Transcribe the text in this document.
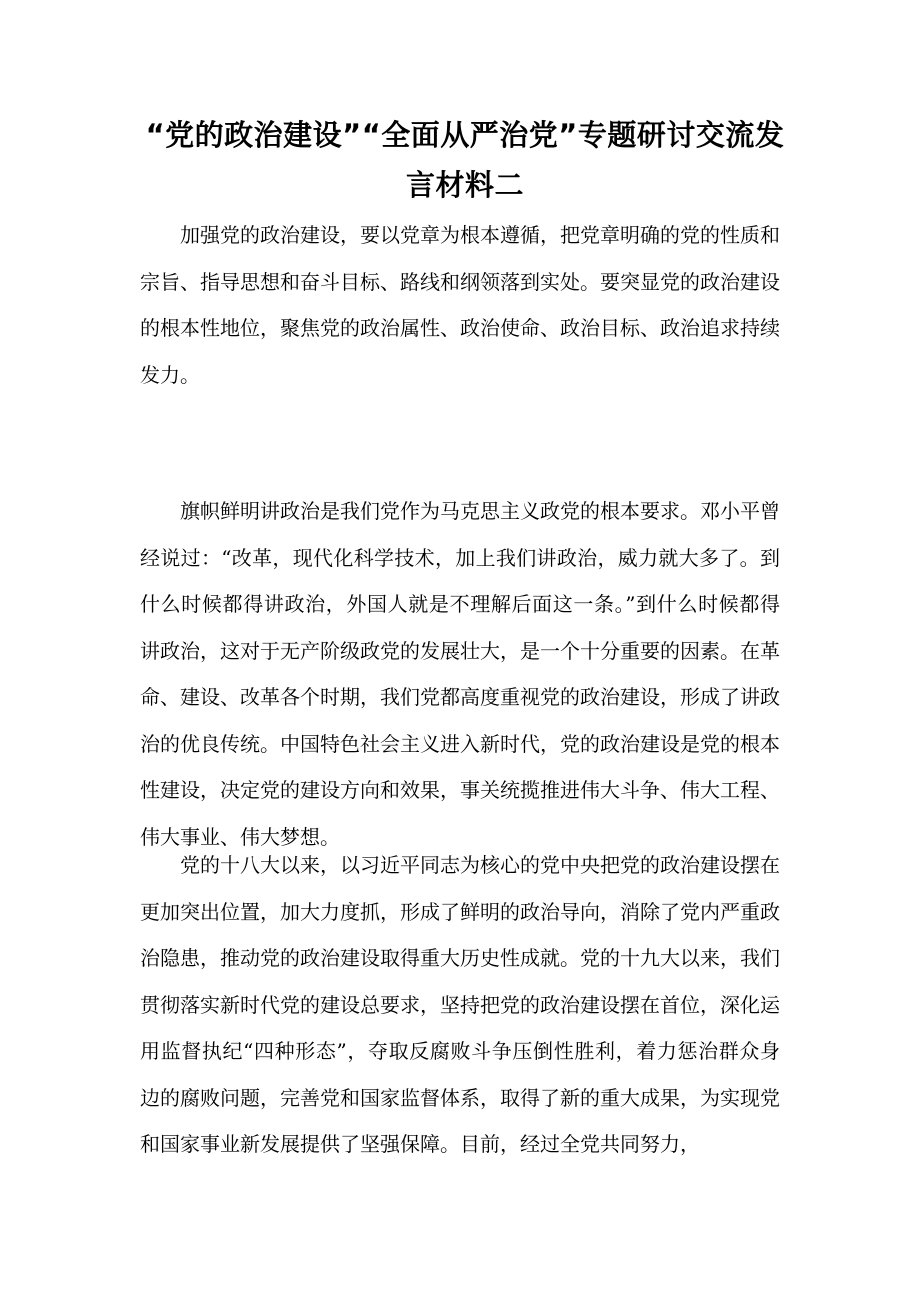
“党的政治建设”“全面从严治党”专题研讨交流发言材料二

加强党的政治建设，要以党章为根本遵循，把党章明确的党的性质和宗旨、指导思想和奋斗目标、路线和纲领落到实处。要突显党的政治建设的根本性地位，聚焦党的政治属性、政治使命、政治目标、政治追求持续发力。

旗帜鲜明讲政治是我们党作为马克思主义政党的根本要求。邓小平曾经说过：“改革，现代化科学技术，加上我们讲政治，威力就大多了。到什么时候都得讲政治，外国人就是不理解后面这一条。”到什么时候都得讲政治，这对于无产阶级政党的发展壮大，是一个十分重要的因素。在革命、建设、改革各个时期，我们党都高度重视党的政治建设，形成了讲政治的优良传统。中国特色社会主义进入新时代，党的政治建设是党的根本性建设，决定党的建设方向和效果，事关统揽推进伟大斗争、伟大工程、伟大事业、伟大梦想。

党的十八大以来，以习近平同志为核心的党中央把党的政治建设摆在更加突出位置，加大力度抓，形成了鲜明的政治导向，消除了党内严重政治隐患，推动党的政治建设取得重大历史性成就。党的十九大以来，我们贯彻落实新时代党的建设总要求，坚持把党的政治建设摆在首位，深化运用监督执纪“四种形态”，夺取反腐败斗争压倒性胜利，着力惩治群众身边的腐败问题，完善党和国家监督体系，取得了新的重大成果，为实现党和国家事业新发展提供了坚强保障。目前，经过全党共同努力，
